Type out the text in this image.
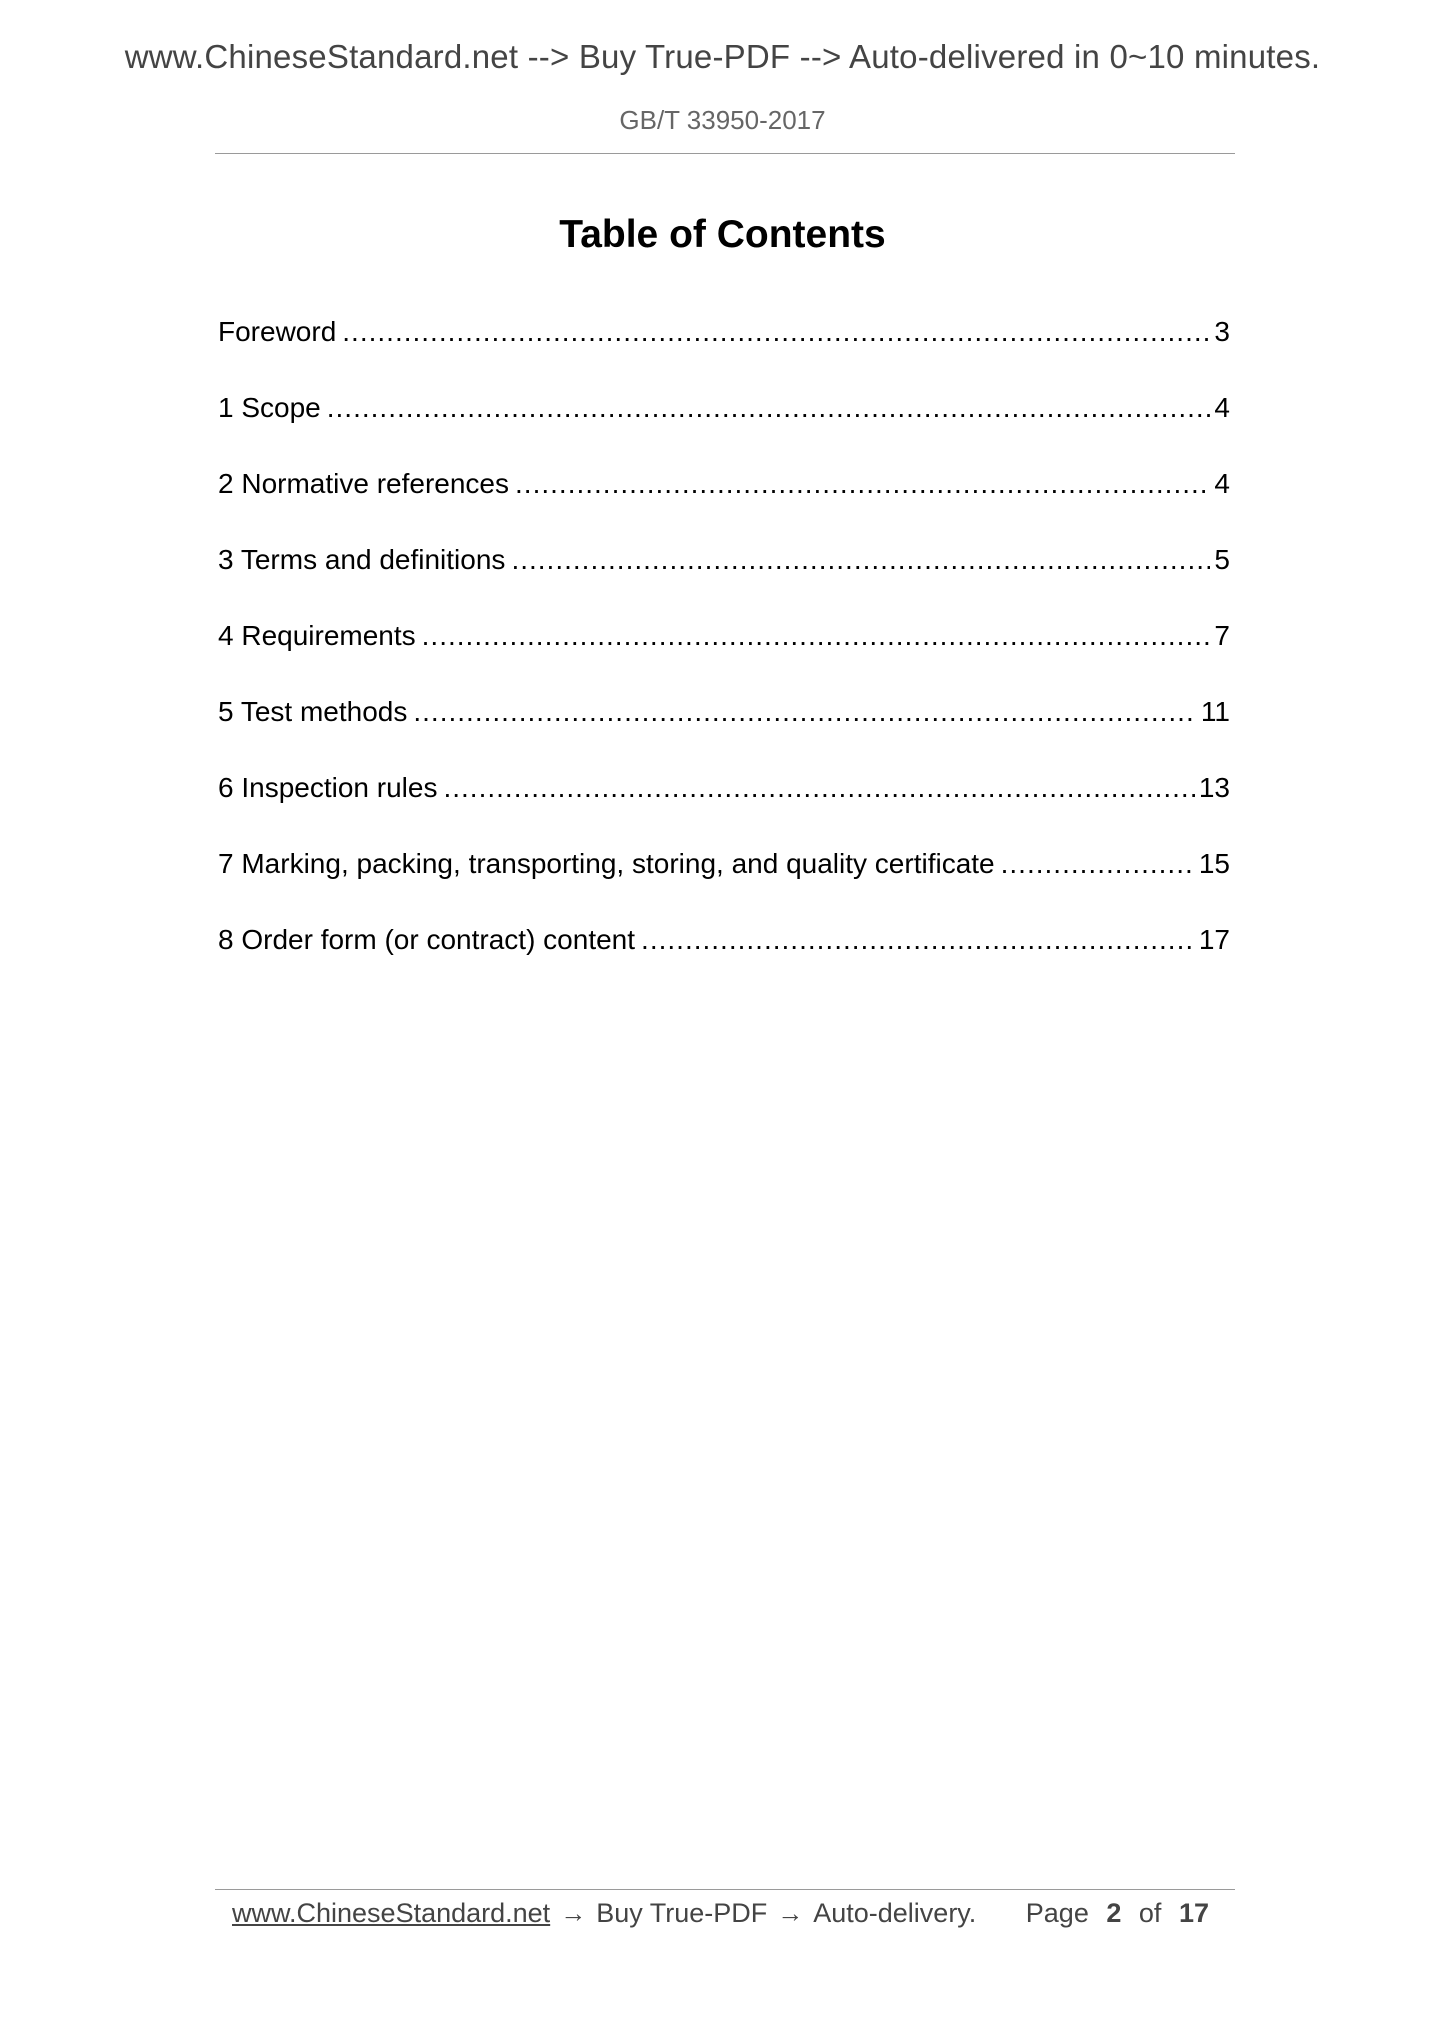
www.ChineseStandard.net --> Buy True-PDF --> Auto-delivered in 0~10 minutes.
GB/T 33950-2017
Table of Contents
Foreword .....	3
1 Scope .....	4
2 Normative references .....	4
3 Terms and definitions .....	5
4 Requirements .....	7
5 Test methods .....	11
6 Inspection rules .....	13
7 Marking, packing, transporting, storing, and quality certificate .....	15
8 Order form (or contract) content .....	17
www.ChineseStandard.net → Buy True-PDF → Auto-delivery. Page 2 of 17
